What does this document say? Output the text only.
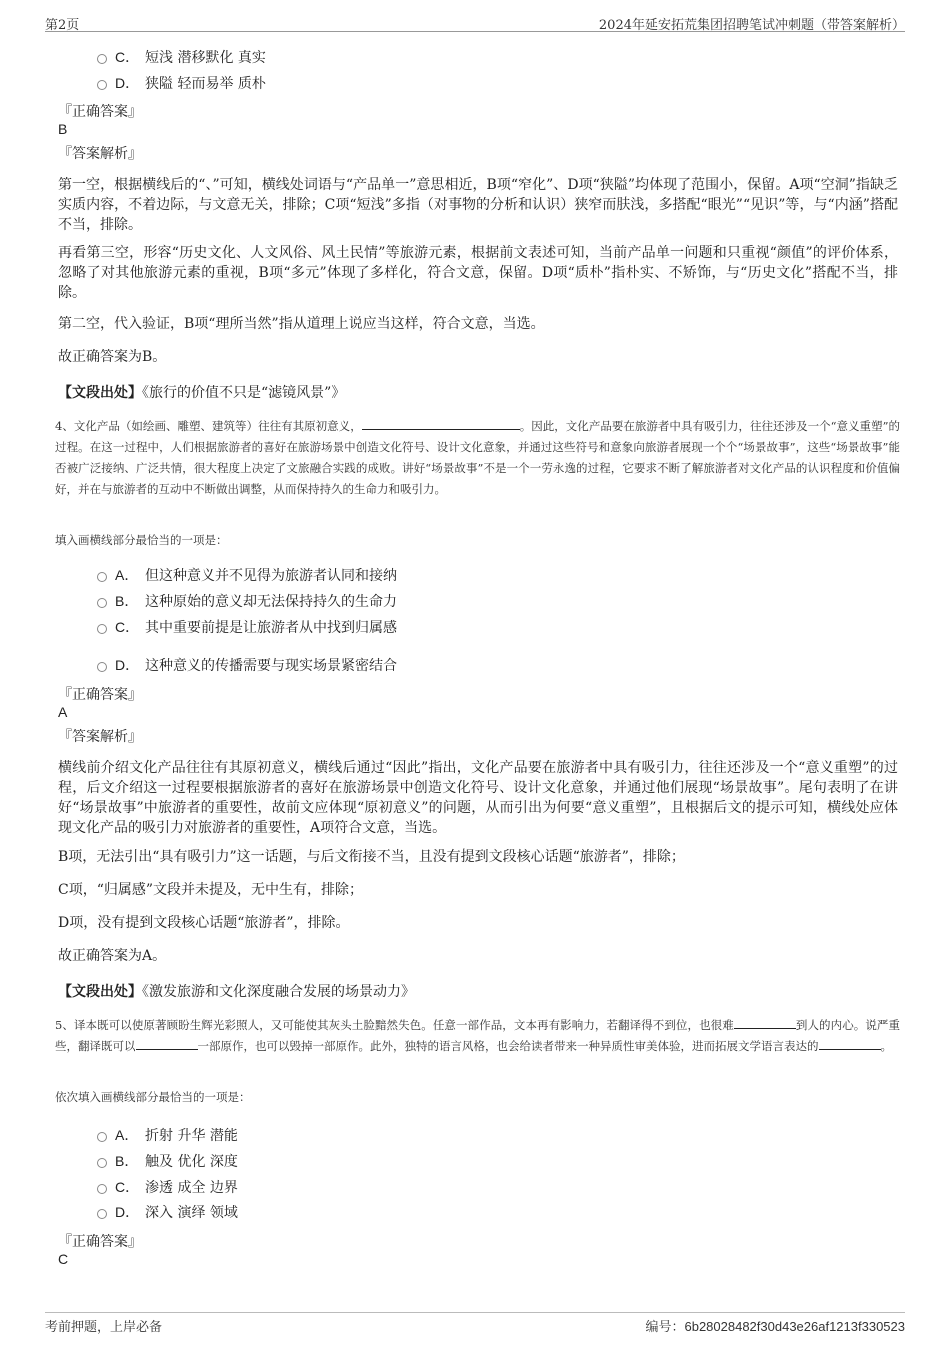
第2页	2024年延安拓荒集团招聘笔试冲刺题（带答案解析）
C． 短浅 潜移默化 真实
D． 狭隘 轻而易举 质朴
『正确答案』
B
『答案解析』
第一空，根据横线后的“、”可知，横线处词语与“产品单一”意思相近，B项“窄化”、D项“狭隘”均体现了范围小，保留。A项“空洞”指缺乏实质内容，不着边际，与文意无关，排除；C项“短浅”多指（对事物的分析和认识）狭窄而肤浅，多搭配“眼光”“见识”等，与“内涵”搭配不当，排除。
再看第三空，形容“历史文化、人文风俗、风土民情”等旅游元素，根据前文表述可知，当前产品单一问题和只重视“颜值”的评价体系，忽略了对其他旅游元素的重视，B项“多元”体现了多样化，符合文意，保留。D项“质朴”指朴实、不矫饰，与“历史文化”搭配不当，排除。
第二空，代入验证，B项“理所当然”指从道理上说应当这样，符合文意，当选。
故正确答案为B。
【文段出处】《旅行的价值不只是“滤镜风景”》
4、文化产品（如绘画、雕塑、建筑等）往往有其原初意义，	。因此，文化产品要在旅游者中具有吸引力，往往还涉及一个“意义重塑”的过程。在这一过程中，人们根据旅游者的喜好在旅游场景中创造文化符号、设计文化意象，并通过这些符号和意象向旅游者展现一个个“场景故事”，这些“场景故事”能否被广泛接纳、广泛共情，很大程度上决定了文旅融合实践的成败。讲好“场景故事”不是一个一劳永逸的过程，它要求不断了解旅游者对文化产品的认识程度和价值偏好，并在与旅游者的互动中不断做出调整，从而保持持久的生命力和吸引力。
填入画横线部分最恰当的一项是：
A． 但这种意义并不见得为旅游者认同和接纳
B． 这种原始的意义却无法保持持久的生命力
C． 其中重要前提是让旅游者从中找到归属感
D． 这种意义的传播需要与现实场景紧密结合
『正确答案』
A
『答案解析』
横线前介绍文化产品往往有其原初意义，横线后通过“因此”指出，文化产品要在旅游者中具有吸引力，往往还涉及一个“意义重塑”的过程，后文介绍这一过程要根据旅游者的喜好在旅游场景中创造文化符号、设计文化意象，并通过他们展现“场景故事”。尾句表明了在讲好“场景故事”中旅游者的重要性，故前文应体现“原初意义”的问题，从而引出为何要“意义重塑”，且根据后文的提示可知，横线处应体现文化产品的吸引力对旅游者的重要性，A项符合文意，当选。
B项，无法引出“具有吸引力”这一话题，与后文衔接不当，且没有提到文段核心话题“旅游者”，排除；
C项，“归属感”文段并未提及，无中生有，排除；
D项，没有提到文段核心话题“旅游者”，排除。
故正确答案为A。
【文段出处】《激发旅游和文化深度融合发展的场景动力》
5、译本既可以使原著顾盼生辉光彩照人，又可能使其灰头土脸黯然失色。任意一部作品，文本再有影响力，若翻译得不到位，也很难	到人的内心。说严重些，翻译既可以	一部原作，也可以毁掉一部原作。此外，独特的语言风格，也会给读者带来一种异质性审美体验，进而拓展文学语言表达的	。
依次填入画横线部分最恰当的一项是：
A． 折射 升华 潜能
B． 触及 优化 深度
C． 渗透 成全 边界
D． 深入 演绎 领域
『正确答案』
C
考前押题，上岸必备	编号：6b28028482f30d43e26af1213f330523
